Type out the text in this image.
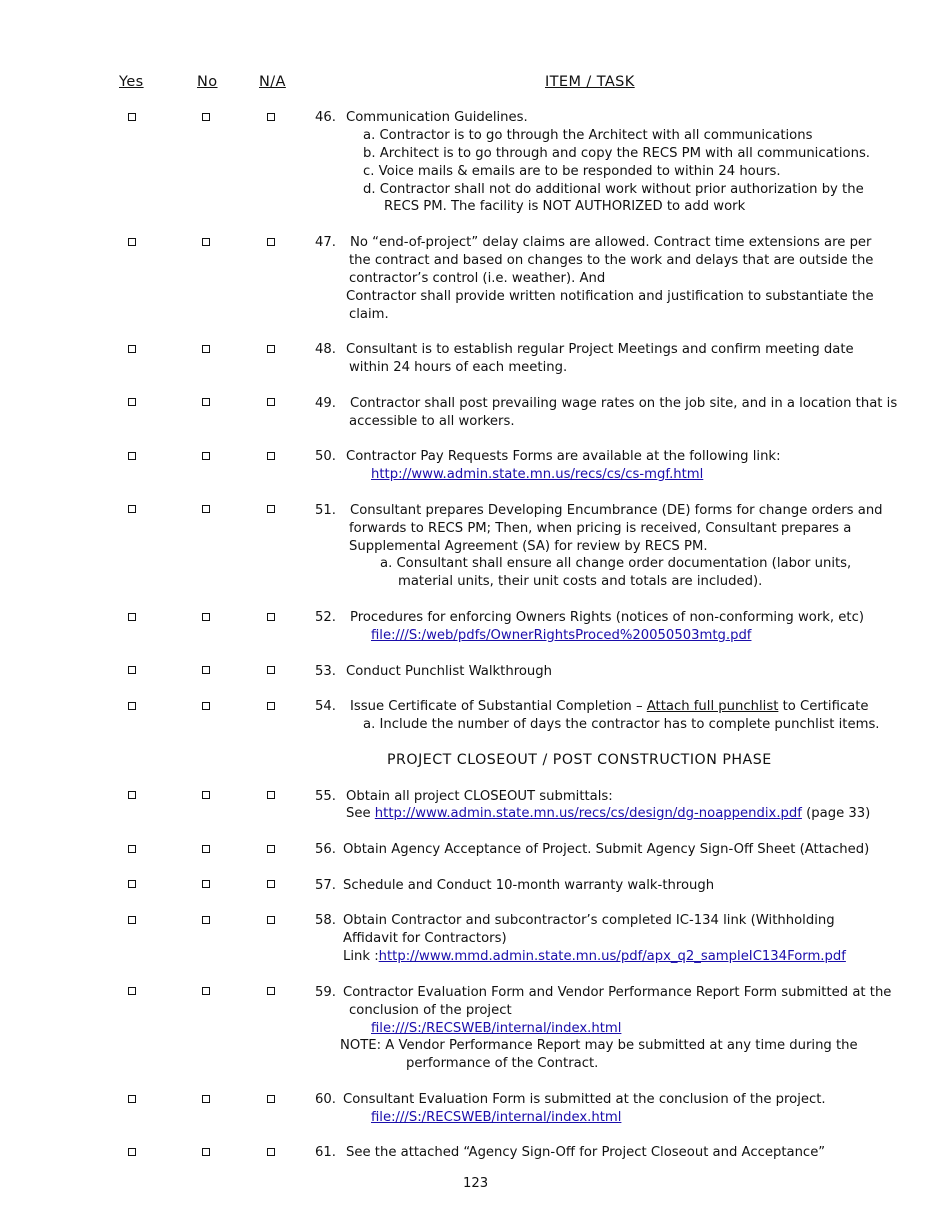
Yes	No	N/A	ITEM / TASK
46. Communication Guidelines.
a. Contractor is to go through the Architect with all communications
b. Architect is to go through and copy the RECS PM with all communications.
c. Voice mails & emails are to be responded to within 24 hours.
d. Contractor shall not do additional work without prior authorization by the
RECS PM. The facility is NOT AUTHORIZED to add work
47. No “end-of-project” delay claims are allowed. Contract time extensions are per
the contract and based on changes to the work and delays that are outside the
contractor’s control (i.e. weather). And
Contractor shall provide written notification and justification to substantiate the
claim.
48. Consultant is to establish regular Project Meetings and confirm meeting date
within 24 hours of each meeting.
49. Contractor shall post prevailing wage rates on the job site, and in a location that is
accessible to all workers.
50. Contractor Pay Requests Forms are available at the following link:
http://www.admin.state.mn.us/recs/cs/cs-mgf.html
51. Consultant prepares Developing Encumbrance (DE) forms for change orders and
forwards to RECS PM; Then, when pricing is received, Consultant prepares a
Supplemental Agreement (SA) for review by RECS PM.
a. Consultant shall ensure all change order documentation (labor units,
material units, their unit costs and totals are included).
52. Procedures for enforcing Owners Rights (notices of non-conforming work, etc)
file:///S:/web/pdfs/OwnerRightsProced%20050503mtg.pdf
53. Conduct Punchlist Walkthrough
54. Issue Certificate of Substantial Completion – Attach full punchlist to Certificate
a. Include the number of days the contractor has to complete punchlist items.
PROJECT CLOSEOUT / POST CONSTRUCTION PHASE
55. Obtain all project CLOSEOUT submittals:
See http://www.admin.state.mn.us/recs/cs/design/dg-noappendix.pdf (page 33)
56. Obtain Agency Acceptance of Project. Submit Agency Sign-Off Sheet (Attached)
57. Schedule and Conduct 10-month warranty walk-through
58. Obtain Contractor and subcontractor’s completed IC-134 link (Withholding
Affidavit for Contractors)
Link :http://www.mmd.admin.state.mn.us/pdf/apx_q2_sampleIC134Form.pdf
59. Contractor Evaluation Form and Vendor Performance Report Form submitted at the
conclusion of the project
file:///S:/RECSWEB/internal/index.html
NOTE: A Vendor Performance Report may be submitted at any time during the
performance of the Contract.
60. Consultant Evaluation Form is submitted at the conclusion of the project.
file:///S:/RECSWEB/internal/index.html
61. See the attached “Agency Sign-Off for Project Closeout and Acceptance”
123
